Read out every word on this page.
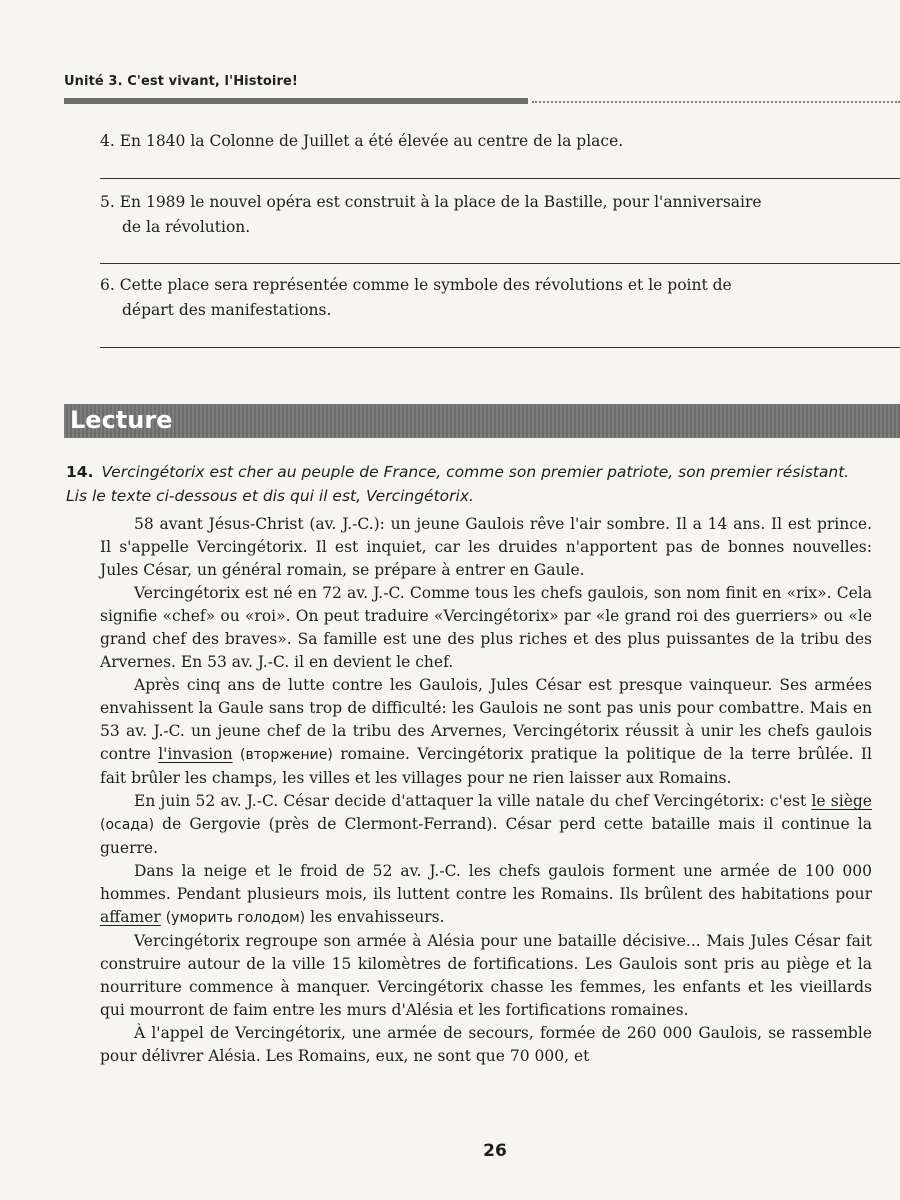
Unité 3. C'est vivant, l'Histoire!
4. En 1840 la Colonne de Juillet a été élevée au centre de la place.
5. En 1989 le nouvel opéra est construit à la place de la Bastille, pour l'anniversaire
de la révolution.
6. Cette place sera représentée comme le symbole des révolutions et le point de
départ des manifestations.
Lecture
14. Vercingétorix est cher au peuple de France, comme son premier patriote, son premier résistant. Lis le texte ci-dessous et dis qui il est, Vercingétorix.

58 avant Jésus-Christ (av. J.-C.): un jeune Gaulois rêve l'air sombre. Il a 14 ans. Il est prince. Il s'appelle Vercingétorix. Il est inquiet, car les druides n'apportent pas de bonnes nouvelles: Jules César, un général romain, se prépare à entrer en Gaule.

Vercingétorix est né en 72 av. J.-C. Comme tous les chefs gaulois, son nom finit en «rix». Cela signifie «chef» ou «roi». On peut traduire «Vercingétorix» par «le grand roi des guerriers» ou «le grand chef des braves». Sa famille est une des plus riches et des plus puissantes de la tribu des Arvernes. En 53 av. J.-C. il en devient le chef.

Après cinq ans de lutte contre les Gaulois, Jules César est presque vainqueur. Ses armées envahissent la Gaule sans trop de difficulté: les Gaulois ne sont pas unis pour combattre. Mais en 53 av. J.-C. un jeune chef de la tribu des Arvernes, Vercingétorix réussit à unir les chefs gaulois contre l'invasion (вторжение) romaine. Vercingétorix pratique la politique de la terre brûlée. Il fait brûler les champs, les villes et les villages pour ne rien laisser aux Romains.

En juin 52 av. J.-C. César decide d'attaquer la ville natale du chef Vercingétorix: c'est le siège (осада) de Gergovie (près de Clermont-Ferrand). César perd cette bataille mais il continue la guerre.

Dans la neige et le froid de 52 av. J.-C. les chefs gaulois forment une armée de 100 000 hommes. Pendant plusieurs mois, ils luttent contre les Romains. Ils brûlent des habitations pour affamer (уморить голодом) les envahisseurs.

Vercingétorix regroupe son armée à Alésia pour une bataille décisive... Mais Jules César fait construire autour de la ville 15 kilomètres de fortifications. Les Gaulois sont pris au piège et la nourriture commence à manquer. Vercingétorix chasse les femmes, les enfants et les vieillards qui mourront de faim entre les murs d'Alésia et les fortifications romaines.

À l'appel de Vercingétorix, une armée de secours, formée de 260 000 Gaulois, se rassemble pour délivrer Alésia. Les Romains, eux, ne sont que 70 000, et

26
